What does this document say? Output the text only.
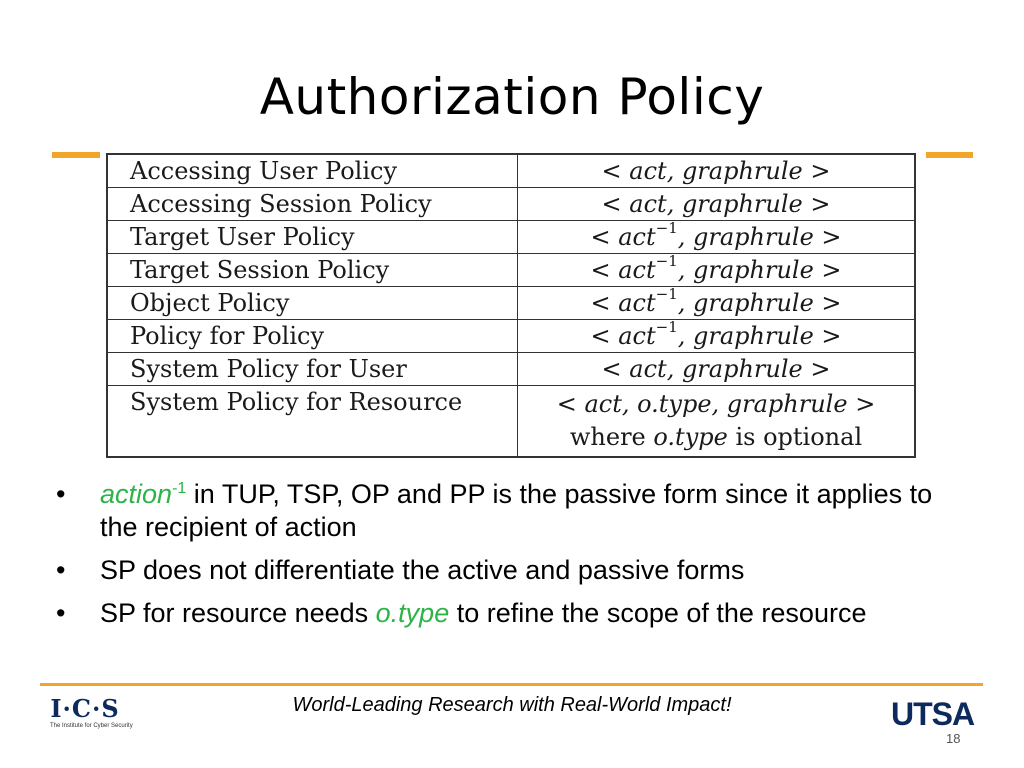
Authorization Policy
Accessing User Policy	< act, graphrule >
Accessing Session Policy	< act, graphrule >
Target User Policy	< act$^{-1}$, graphrule >
Target Session Policy	< act$^{-1}$, graphrule >
Object Policy	< act$^{-1}$, graphrule >
Policy for Policy	< act$^{-1}$, graphrule >
System Policy for User	< act, graphrule >
System Policy for Resource	< act, o.type, graphrule >
where o.type is optional
• action$^{-1}$ in TUP, TSP, OP and PP is the passive form since it applies to the recipient of action
• SP does not differentiate the active and passive forms
• SP for resource needs o.type to refine the scope of the resource
I·C·S
The Institute for Cyber Security
World-Leading Research with Real-World Impact!	UTSA
18
